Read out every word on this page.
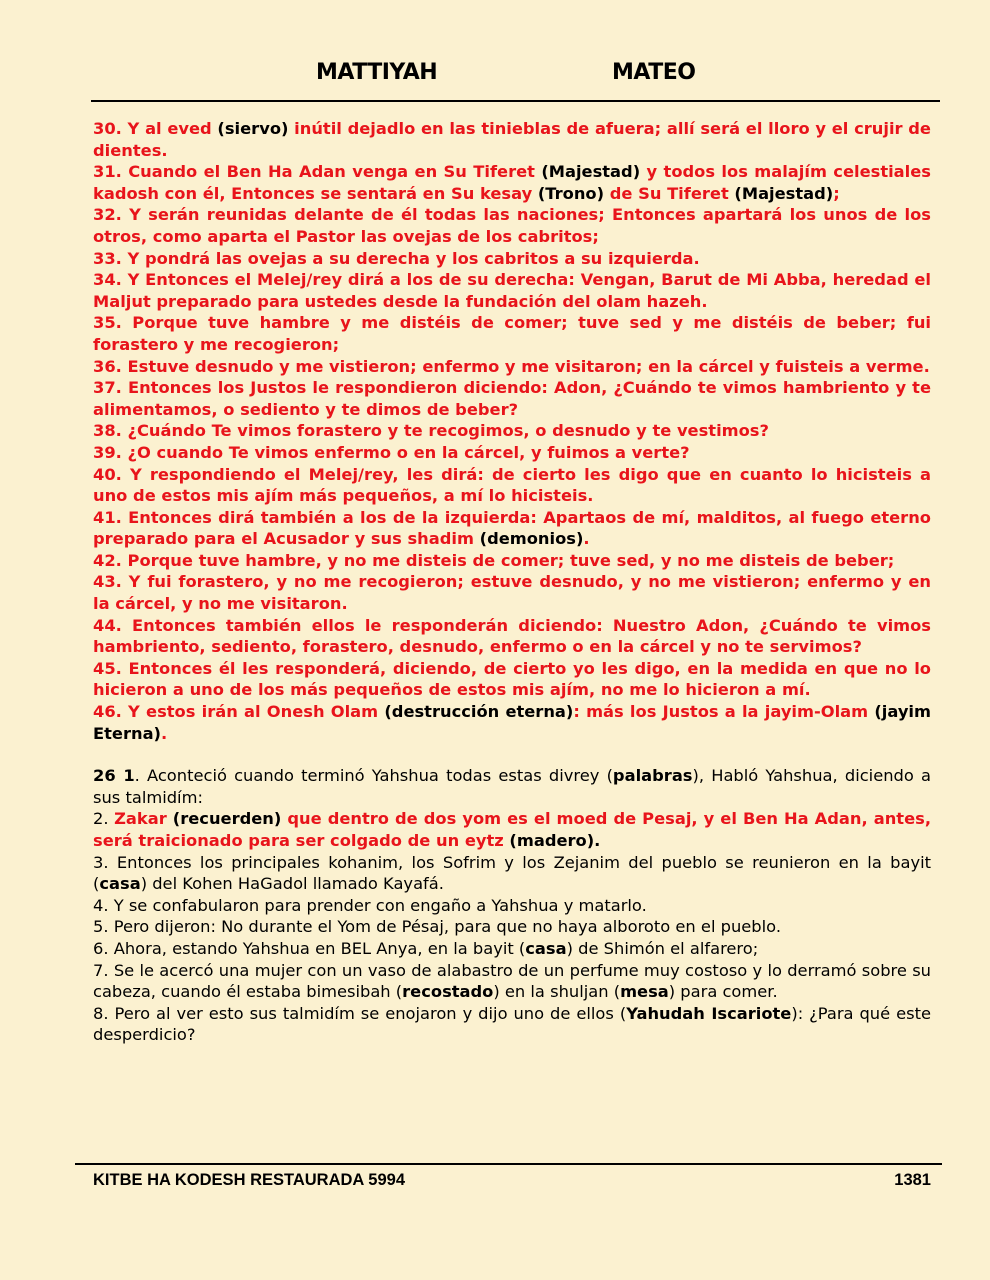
MATTIYAH	MATEO

30. Y al eved (siervo) inútil dejadlo en las tinieblas de afuera; allí será el lloro y el crujir de dientes.

31. Cuando el Ben Ha Adan venga en Su Tiferet (Majestad) y todos los malajím celestiales kadosh con él, Entonces se sentará en Su kesay (Trono) de Su Tiferet (Majestad);

32. Y serán reunidas delante de él todas las naciones; Entonces apartará los unos de los otros, como aparta el Pastor las ovejas de los cabritos;

33. Y pondrá las ovejas a su derecha y los cabritos a su izquierda.

34. Y Entonces el Melej/rey dirá a los de su derecha: Vengan, Barut de Mi Abba, heredad el Maljut preparado para ustedes desde la fundación del olam hazeh.

35. Porque tuve hambre y me distéis de comer; tuve sed y me distéis de beber; fui forastero y me recogieron;

36. Estuve desnudo y me vistieron; enfermo y me visitaron; en la cárcel y fuisteis a verme.

37. Entonces los Justos le respondieron diciendo: Adon, ¿Cuándo te vimos hambriento y te alimentamos, o sediento y te dimos de beber?

38. ¿Cuándo Te vimos forastero y te recogimos, o desnudo y te vestimos?

39. ¿O cuando Te vimos enfermo o en la cárcel, y fuimos a verte?

40. Y respondiendo el Melej/rey, les dirá: de cierto les digo que en cuanto lo hicisteis a uno de estos mis ajím más pequeños, a mí lo hicisteis.

41. Entonces dirá también a los de la izquierda: Apartaos de mí, malditos, al fuego eterno preparado para el Acusador y sus shadim (demonios).

42. Porque tuve hambre, y no me disteis de comer; tuve sed, y no me disteis de beber;

43. Y fui forastero, y no me recogieron; estuve desnudo, y no me vistieron; enfermo y en la cárcel, y no me visitaron.

44. Entonces también ellos le responderán diciendo: Nuestro Adon, ¿Cuándo te vimos hambriento, sediento, forastero, desnudo, enfermo o en la cárcel y no te servimos?

45. Entonces él les responderá, diciendo, de cierto yo les digo, en la medida en que no lo hicieron a uno de los más pequeños de estos mis ajím, no me lo hicieron a mí.

46. Y estos irán al Onesh Olam (destrucción eterna): más los Justos a la jayim-Olam (jayim Eterna).

26 1. Aconteció cuando terminó Yahshua todas estas divrey (palabras), Habló Yahshua, diciendo a sus talmidím:

2. Zakar (recuerden) que dentro de dos yom es el moed de Pesaj, y el Ben Ha Adan, antes, será traicionado para ser colgado de un eytz (madero).

3. Entonces los principales kohanim, los Sofrim y los Zejanim del pueblo se reunieron en la bayit (casa) del Kohen HaGadol llamado Kayafá.

4. Y se confabularon para prender con engaño a Yahshua y matarlo.

5. Pero dijeron: No durante el Yom de Pésaj, para que no haya alboroto en el pueblo.

6. Ahora, estando Yahshua en BEL Anya, en la bayit (casa) de Shimón el alfarero;

7. Se le acercó una mujer con un vaso de alabastro de un perfume muy costoso y lo derramó sobre su cabeza, cuando él estaba bimesibah (recostado) en la shuljan (mesa) para comer.

8. Pero al ver esto sus talmidím se enojaron y dijo uno de ellos (Yahudah Iscariote): ¿Para qué este desperdicio?

KITBE HA KODESH RESTAURADA 5994	1381
